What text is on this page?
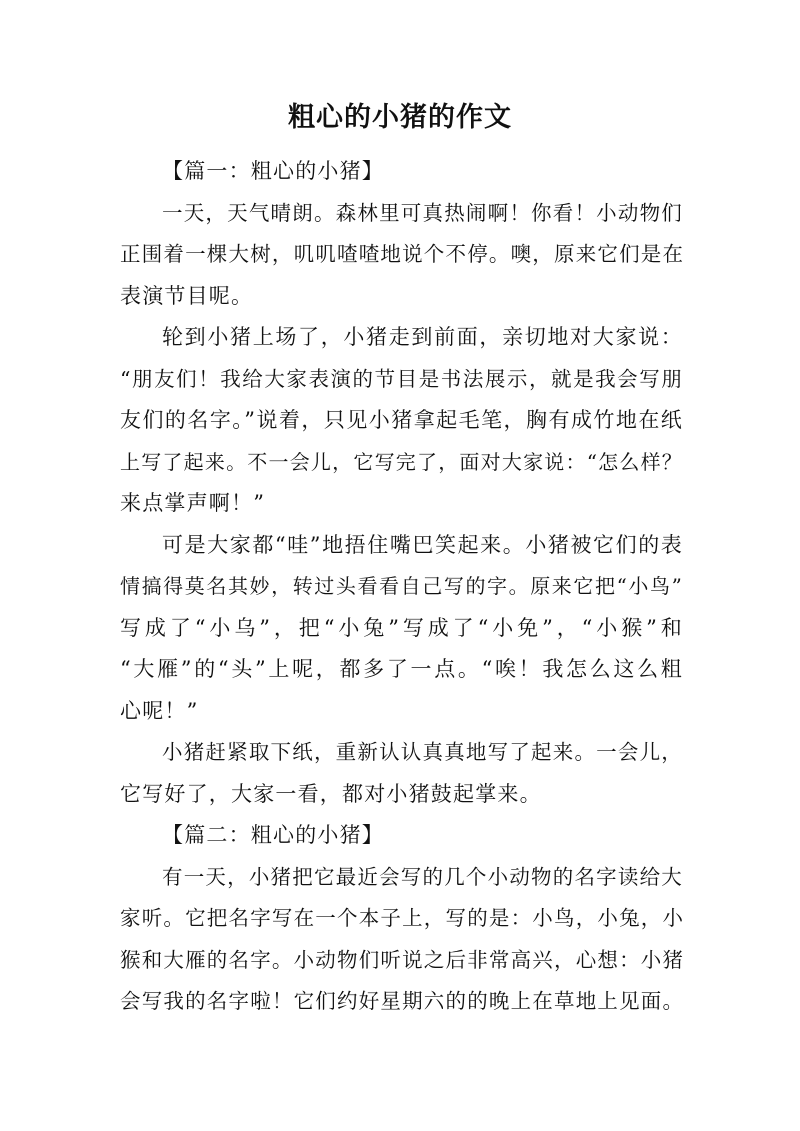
粗心的小猪的作文
【篇一：粗心的小猪】
一天，天气晴朗。森林里可真热闹啊！你看！小动物们
正围着一棵大树，叽叽喳喳地说个不停。噢，原来它们是在
表演节目呢。
轮到小猪上场了，小猪走到前面，亲切地对大家说：
“朋友们！我给大家表演的节目是书法展示，就是我会写朋
友们的名字。”说着，只见小猪拿起毛笔，胸有成竹地在纸
上写了起来。不一会儿，它写完了，面对大家说：“怎么样？
来点掌声啊！”
可是大家都“哇”地捂住嘴巴笑起来。小猪被它们的表
情搞得莫名其妙，转过头看看自己写的字。原来它把“小鸟”
写成了“小乌”，把“小兔”写成了“小免”，“小猴”和
“大雁”的“头”上呢，都多了一点。“唉！我怎么这么粗
心呢！”
小猪赶紧取下纸，重新认认真真地写了起来。一会儿，
它写好了，大家一看，都对小猪鼓起掌来。
【篇二：粗心的小猪】
有一天，小猪把它最近会写的几个小动物的名字读给大
家听。它把名字写在一个本子上，写的是：小鸟，小兔，小
猴和大雁的名字。小动物们听说之后非常高兴，心想：小猪
会写我的名字啦！它们约好星期六的的晚上在草地上见面。
